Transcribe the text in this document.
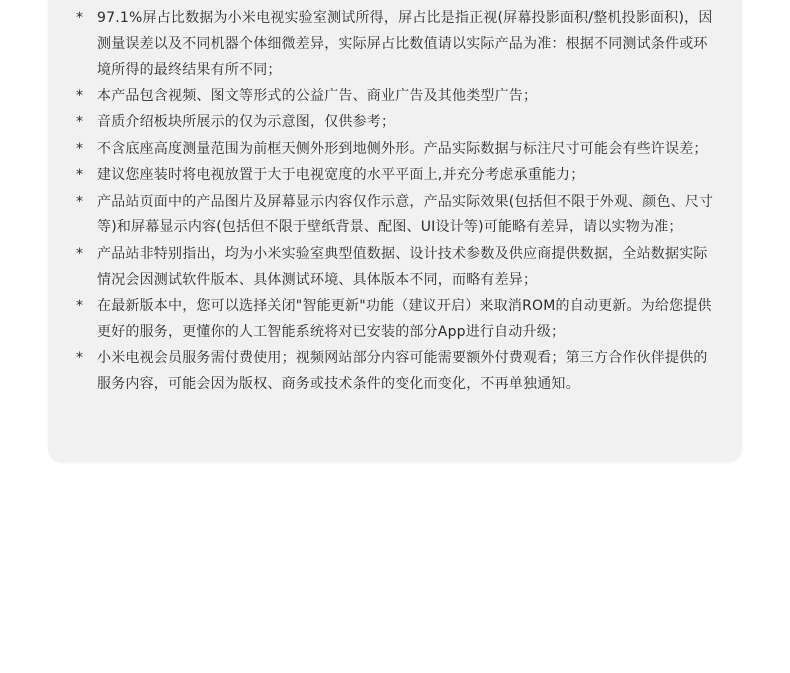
* 97.1%屏占比数据为小米电视实验室测试所得，屏占比是指正视(屏幕投影面积/整机投影面积)，因测量误差以及不同机器个体细微差异，实际屏占比数值请以实际产品为准：根据不同测试条件或环境所得的最终结果有所不同；
* 本产品包含视频、图文等形式的公益广告、商业广告及其他类型广告；
* 音质介绍板块所展示的仅为示意图，仅供参考；
* 不含底座高度测量范围为前框天侧外形到地侧外形。产品实际数据与标注尺寸可能会有些许误差；
* 建议您座装时将电视放置于大于电视宽度的水平平面上,并充分考虑承重能力；
* 产品站页面中的产品图片及屏幕显示内容仅作示意，产品实际效果(包括但不限于外观、颜色、尺寸等)和屏幕显示内容(包括但不限于壁纸背景、配图、UI设计等)可能略有差异，请以实物为准；
* 产品站非特别指出，均为小米实验室典型值数据、设计技术参数及供应商提供数据，全站数据实际情况会因测试软件版本、具体测试环境、具体版本不同，而略有差异；
* 在最新版本中，您可以选择关闭"智能更新"功能（建议开启）来取消ROM的自动更新。为给您提供更好的服务，更懂你的人工智能系统将对已安装的部分App进行自动升级；
* 小米电视会员服务需付费使用；视频网站部分内容可能需要额外付费观看；第三方合作伙伴提供的服务内容，可能会因为版权、商务或技术条件的变化而变化，不再单独通知。
